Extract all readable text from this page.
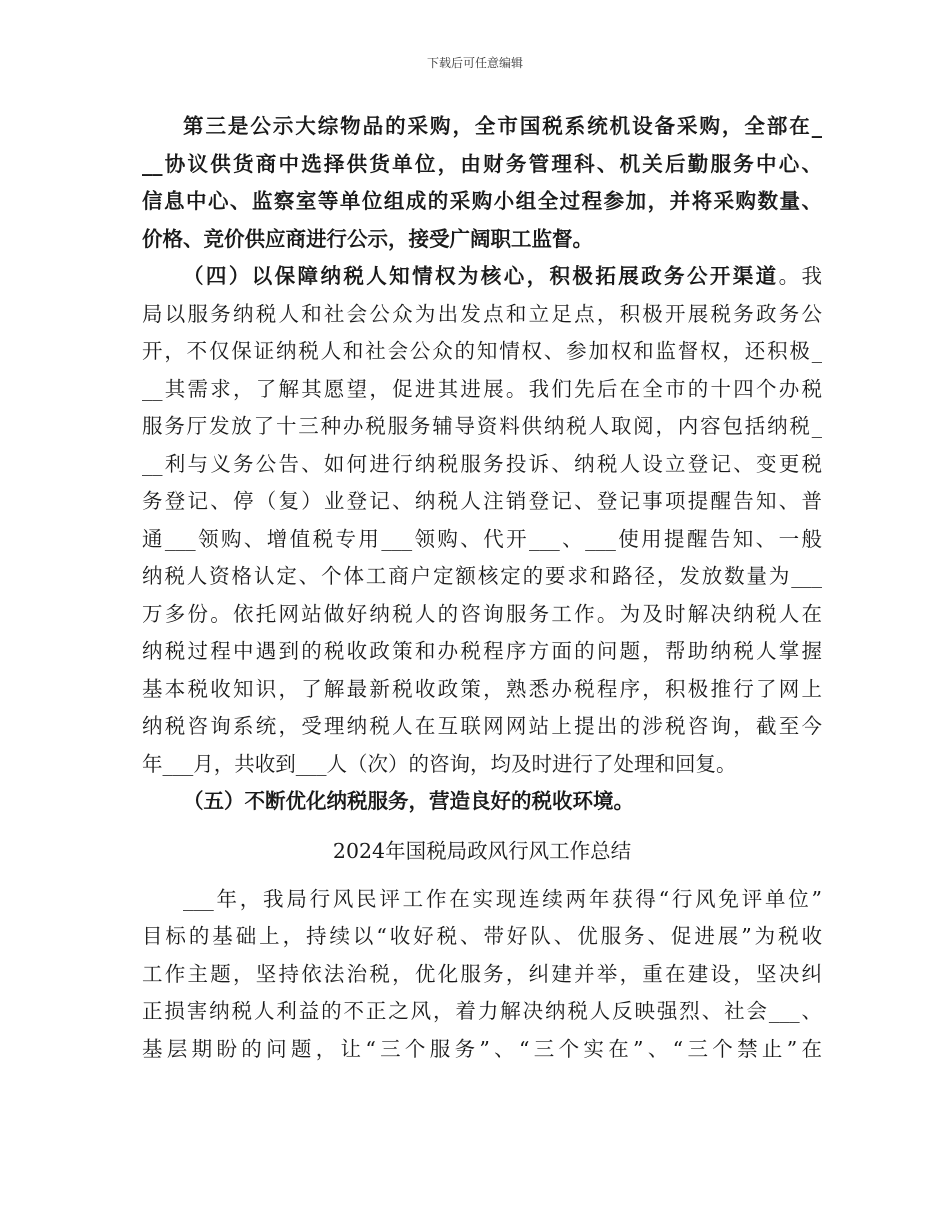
下载后可任意编辑
第三是公示大综物品的采购，全市国税系统机设备采购，全部在_
__协议供货商中选择供货单位，由财务管理科、机关后勤服务中心、
信息中心、监察室等单位组成的采购小组全过程参加，并将采购数量、
价格、竞价供应商进行公示，接受广阔职工监督。
（四）以保障纳税人知情权为核心，积极拓展政务公开渠道。我
局以服务纳税人和社会公众为出发点和立足点，积极开展税务政务公
开，不仅保证纳税人和社会公众的知情权、参加权和监督权，还积极_
__其需求，了解其愿望，促进其进展。我们先后在全市的十四个办税
服务厅发放了十三种办税服务辅导资料供纳税人取阅，内容包括纳税_
__利与义务公告、如何进行纳税服务投诉、纳税人设立登记、变更税
务登记、停（复）业登记、纳税人注销登记、登记事项提醒告知、普
通___领购、增值税专用___领购、代开___、___使用提醒告知、一般
纳税人资格认定、个体工商户定额核定的要求和路径，发放数量为___
万多份。依托网站做好纳税人的咨询服务工作。为及时解决纳税人在
纳税过程中遇到的税收政策和办税程序方面的问题，帮助纳税人掌握
基本税收知识，了解最新税收政策，熟悉办税程序，积极推行了网上
纳税咨询系统，受理纳税人在互联网网站上提出的涉税咨询，截至今
年___月，共收到___人（次）的咨询，均及时进行了处理和回复。
（五）不断优化纳税服务，营造良好的税收环境。
2024年国税局政风行风工作总结
___年，我局行风民评工作在实现连续两年获得“行风免评单位”
目标的基础上，持续以“收好税、带好队、优服务、促进展”为税收
工作主题，坚持依法治税，优化服务，纠建并举，重在建设，坚决纠
正损害纳税人利益的不正之风，着力解决纳税人反映强烈、社会___、
基层期盼的问题，让“三个服务”、“三个实在”、“三个禁止”在
